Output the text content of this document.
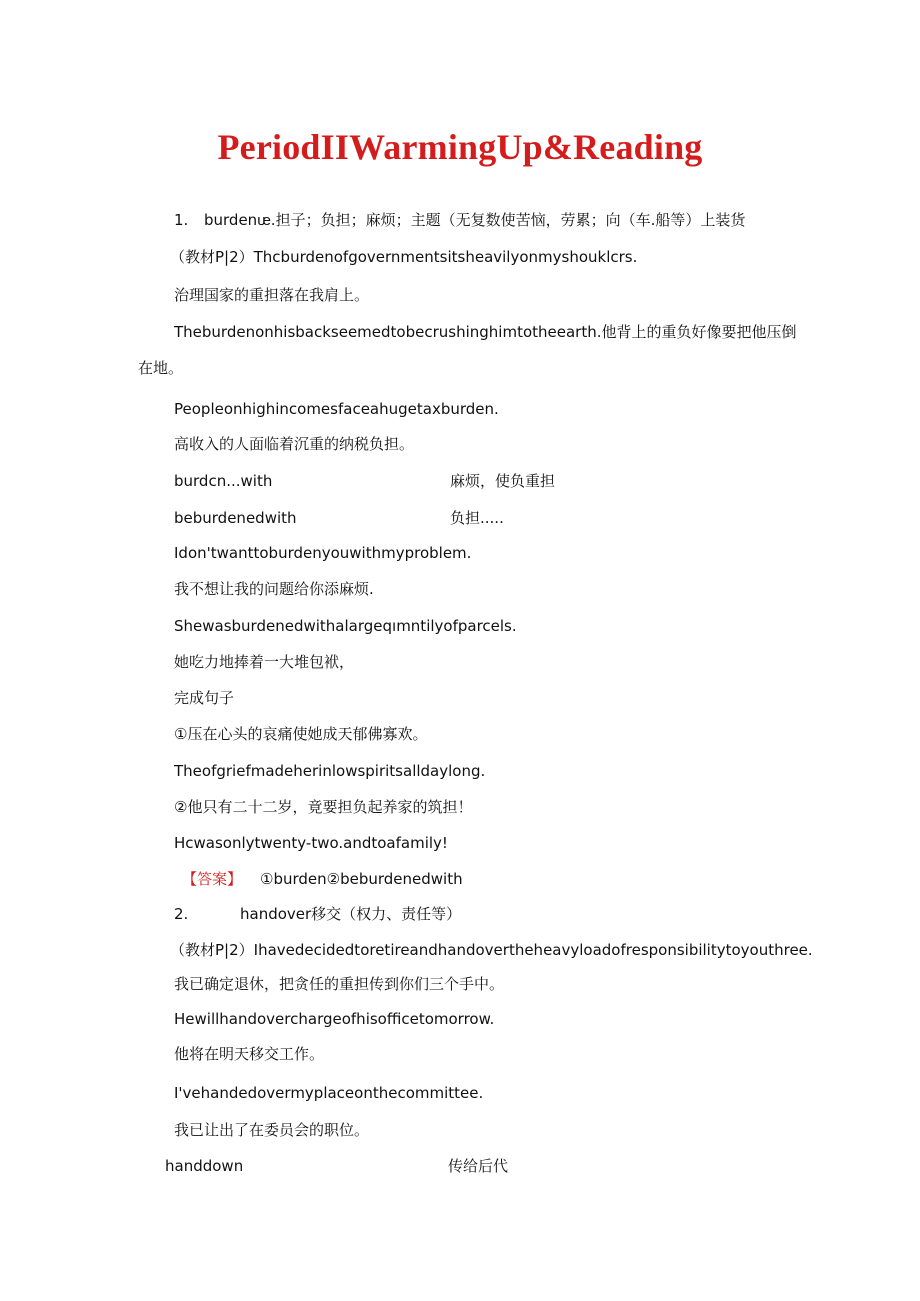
PeriodIIWarmingUp&Reading
1. burdenᵫ.担子；负担；麻烦；主题（无复数使苦恼，劳累；向（车.船等）上装货
（教材P|2）Thcburdenofgovernmentsitsheavilyonmyshouklcrs.
治理国家的重担落在我肩上。
Theburdenonhisbackseemedtobecrushinghimtotheearth.他背上的重负好像要把他压倒
在地。
Peopleonhighincomesfaceahugetaxburden.
高收入的人面临着沉重的纳税负担。
burdcn...with	麻烦，使负重担
beburdenedwith	负担.....
Idon'twanttoburdenyouwithmyproblem.
我不想让我的问题给你添麻烦.
Shewasburdenedwithalargeqımntilyofparcels.
她吃力地捧着一大堆包袱，
完成句子
①压在心头的哀痛使她成天郁佛寡欢。
Theofgriefmadeherinlowspiritsalldaylong.
②他只有二十二岁，竟要担负起养家的筑担！
Hcwasonlytwenty-two.andtoafamily!
【答案】 ①burden②beburdenedwith
2.	handover移交（权力、责任等）
（教材P|2）Ihavedecidedtoretireandhandovertheheavyloadofresponsibilitytoyouthree.
我已确定退休，把贪任的重担传到你们三个手中。
Hewillhandoverchargeofhisofficetomorrow.
他将在明天移交工作。
I'vehandedovermyplaceonthecommittee.
我已让出了在委员会的职位。
handdown	传给后代
